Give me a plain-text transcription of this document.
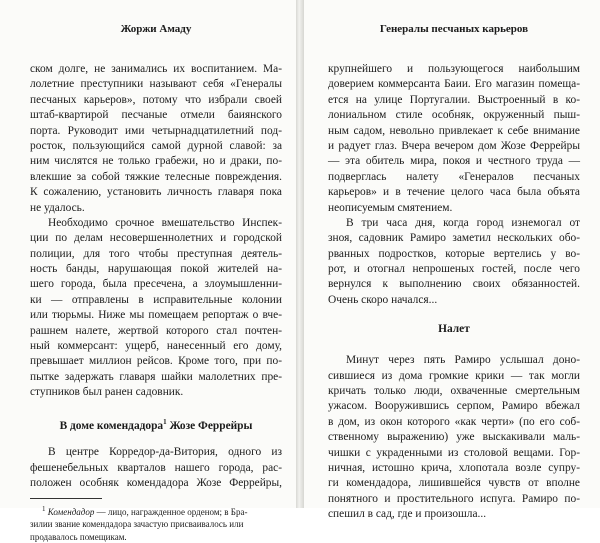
Жоржи Амаду
ском долге, не занимались их воспитанием. Ма-
лолетние преступники называют себя «Генералы
песчаных карьеров», потому что избрали своей
штаб-квартирой песчаные отмели баиянского
порта. Руководит ими четырнадцатилетний под-
росток, пользующийся самой дурной славой: за
ним числятся не только грабежи, но и драки, по-
влекшие за собой тяжкие телесные повреждения.
К сожалению, установить личность главаря пока
не удалось.
Необходимо срочное вмешательство Инспек-
ции по делам несовершеннолетних и городской
полиции, для того чтобы преступная деятель-
ность банды, нарушающая покой жителей на-
шего города, была пресечена, а злоумышленни-
ки — отправлены в исправительные колонии
или тюрьмы. Ниже мы помещаем репортаж о вче-
рашнем налете, жертвой которого стал почтен-
ный коммерсант: ущерб, нанесенный его дому,
превышает миллион рейсов. Кроме того, при по-
пытке задержать главаря шайки малолетних пре-
ступников был ранен садовник.
В доме комендадора$^1$ Жозе Феррейры
В центре Корредор-да-Витория, одного из
фешенебельных кварталов нашего города, рас-
положен особняк комендадора Жозе Феррейры,
$^1$ Комендадор — лицо, награжденное орденом; в Бра-
зилии звание комендадора зачастую присваивалось или
продавалось помещикам.
Генералы песчаных карьеров
крупнейшего и пользующегося наибольшим
доверием коммерсанта Баии. Его магазин помеща-
ется на улице Португалии. Выстроенный в ко-
лониальном стиле особняк, окруженный пыш-
ным садом, невольно привлекает к себе внимание
и радует глаз. Вчера вечером дом Жозе Феррейры
— эта обитель мира, покоя и честного труда —
подверглась налету «Генералов песчаных
карьеров» и в течение целого часа была объята
неописуемым смятением.
В три часа дня, когда город изнемогал от
зноя, садовник Рамиро заметил нескольких обо-
рванных подростков, которые вертелись у во-
рот, и отогнал непрошеных гостей, после чего
вернулся к выполнению своих обязанностей.
Очень скоро начался...
Налет
Минут через пять Рамиро услышал доно-
сившиеся из дома громкие крики — так могли
кричать только люди, охваченные смертельным
ужасом. Вооружившись серпом, Рамиро вбежал
в дом, из окон которого «как черти» (по его соб-
ственному выражению) уже выскакивали маль-
чишки с украденными из столовой вещами. Гор-
ничная, истошно крича, хлопотала возле супру-
ги комендадора, лишившейся чувств от вполне
понятного и простительного испуга. Рамиро по-
спешил в сад, где и произошла...
